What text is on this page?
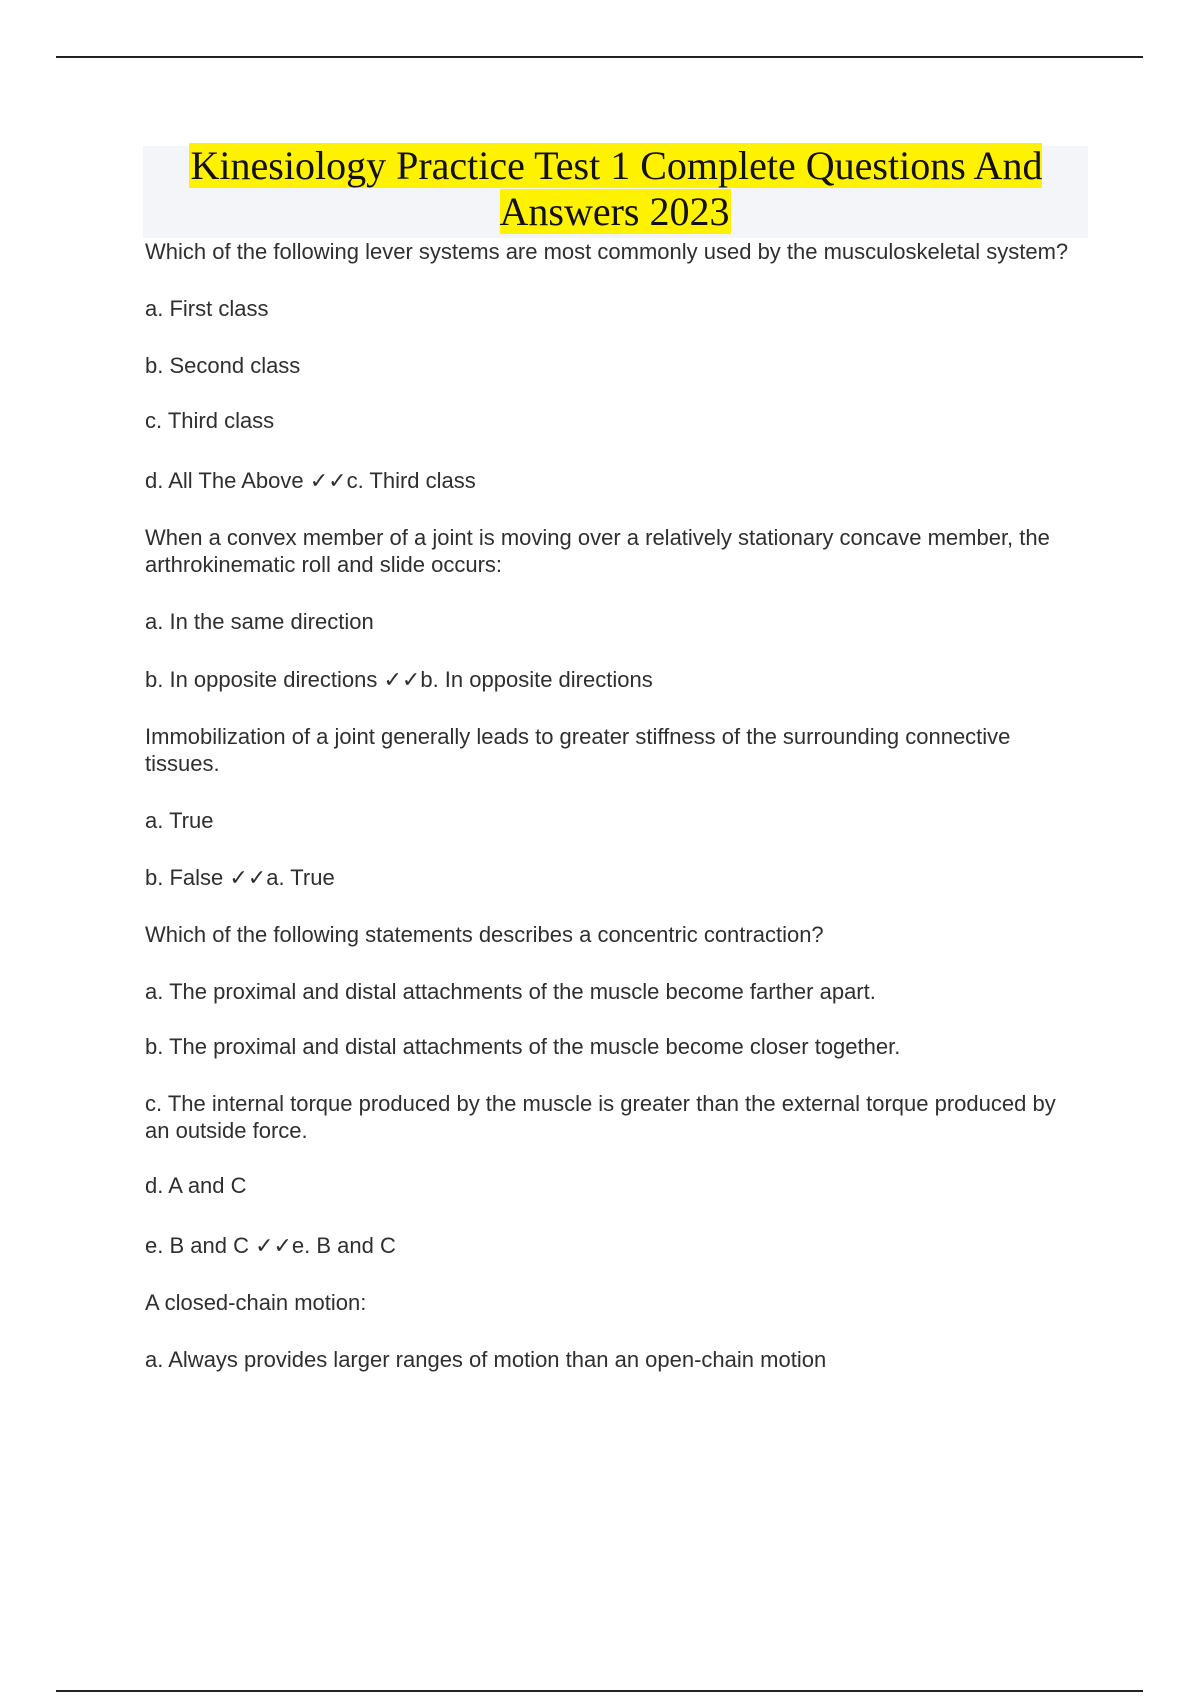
Kinesiology Practice Test 1 Complete Questions And Answers 2023

Which of the following lever systems are most commonly used by the musculoskeletal system?

a. First class

b. Second class

c. Third class

d. All The Above ✓✓c. Third class

When a convex member of a joint is moving over a relatively stationary concave member, the arthrokinematic roll and slide occurs:

a. In the same direction

b. In opposite directions ✓✓b. In opposite directions

Immobilization of a joint generally leads to greater stiffness of the surrounding connective tissues.

a. True

b. False ✓✓a. True

Which of the following statements describes a concentric contraction?

a. The proximal and distal attachments of the muscle become farther apart.

b. The proximal and distal attachments of the muscle become closer together.

c. The internal torque produced by the muscle is greater than the external torque produced by an outside force.

d. A and C

e. B and C ✓✓e. B and C

A closed-chain motion:

a. Always provides larger ranges of motion than an open-chain motion
